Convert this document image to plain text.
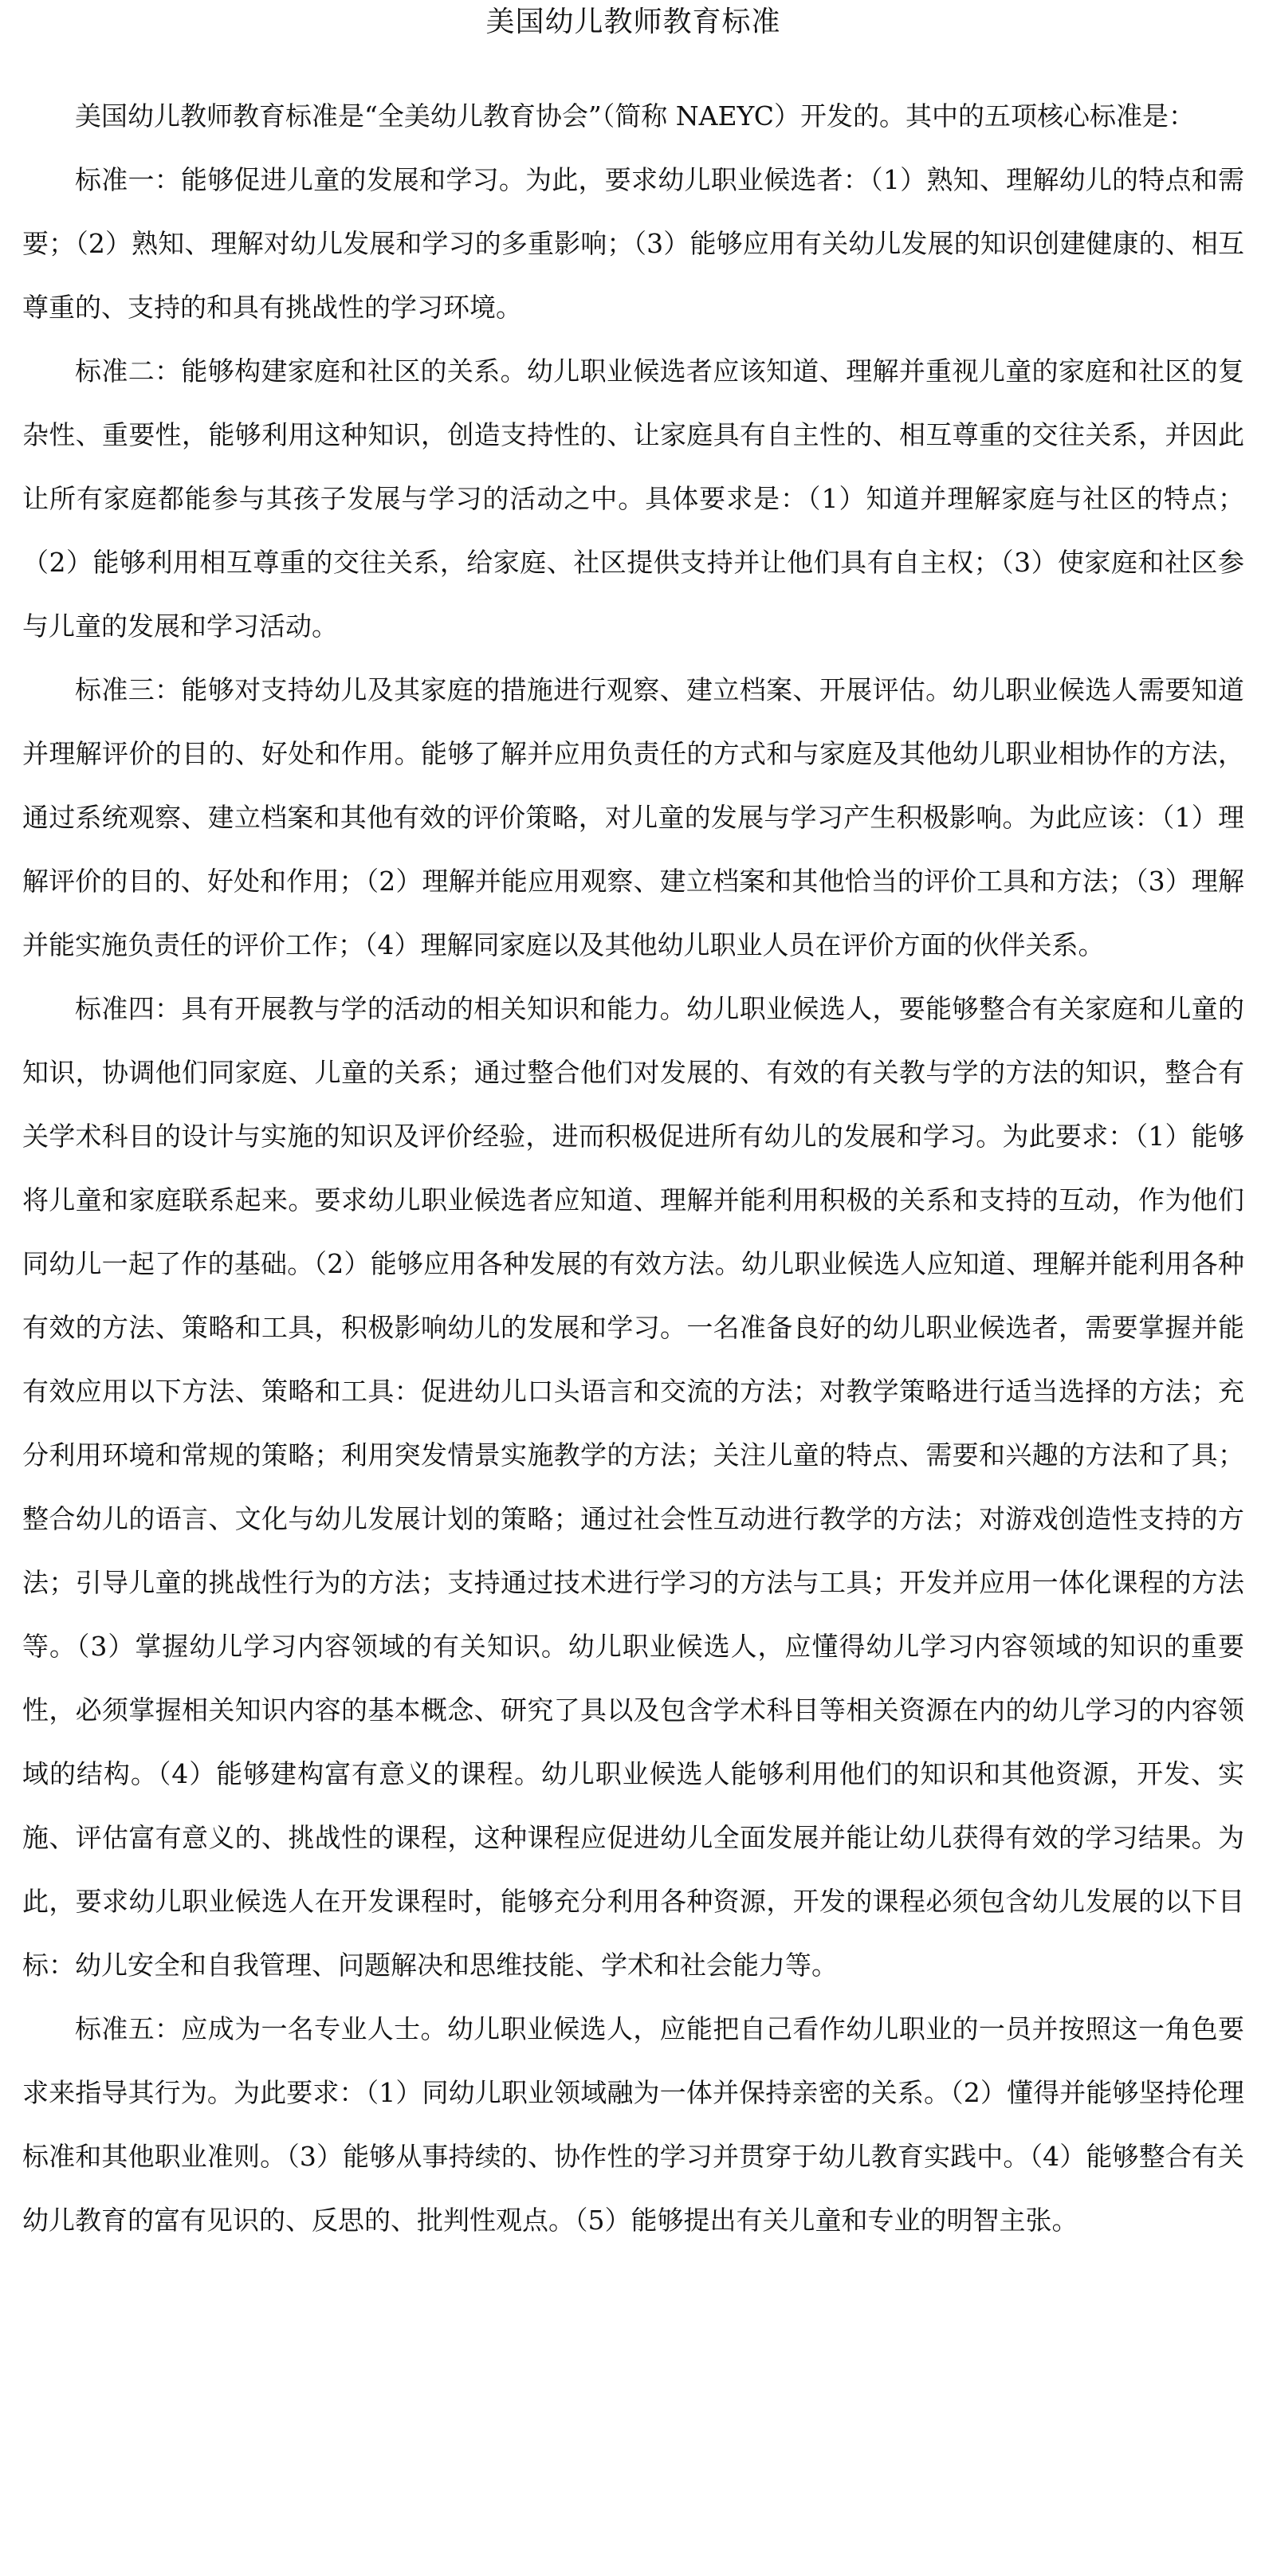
美国幼儿教师教育标准

美国幼儿教师教育标准是“全美幼儿教育协会”（简称 NAEYC）开发的。其中的五项核心标准是：

标准一：能够促进儿童的发展和学习。为此，要求幼儿职业候选者：（1）熟知、理解幼儿的特点和需要；（2）熟知、理解对幼儿发展和学习的多重影响；（3）能够应用有关幼儿发展的知识创建健康的、相互尊重的、支持的和具有挑战性的学习环境。

标准二：能够构建家庭和社区的关系。幼儿职业候选者应该知道、理解并重视儿童的家庭和社区的复杂性、重要性，能够利用这种知识，创造支持性的、让家庭具有自主性的、相互尊重的交往关系，并因此让所有家庭都能参与其孩子发展与学习的活动之中。具体要求是：（1）知道并理解家庭与社区的特点；（2）能够利用相互尊重的交往关系，给家庭、社区提供支持并让他们具有自主权；（3）使家庭和社区参与儿童的发展和学习活动。

标准三：能够对支持幼儿及其家庭的措施进行观察、建立档案、开展评估。幼儿职业候选人需要知道并理解评价的目的、好处和作用。能够了解并应用负责任的方式和与家庭及其他幼儿职业相协作的方法，通过系统观察、建立档案和其他有效的评价策略，对儿童的发展与学习产生积极影响。为此应该：（1）理解评价的目的、好处和作用；（2）理解并能应用观察、建立档案和其他恰当的评价工具和方法；（3）理解并能实施负责任的评价工作；（4）理解同家庭以及其他幼儿职业人员在评价方面的伙伴关系。

标准四：具有开展教与学的活动的相关知识和能力。幼儿职业候选人，要能够整合有关家庭和儿童的知识，协调他们同家庭、儿童的关系；通过整合他们对发展的、有效的有关教与学的方法的知识，整合有关学术科目的设计与实施的知识及评价经验，进而积极促进所有幼儿的发展和学习。为此要求：（1）能够将儿童和家庭联系起来。要求幼儿职业候选者应知道、理解并能利用积极的关系和支持的互动，作为他们同幼儿一起了作的基础。（2）能够应用各种发展的有效方法。幼儿职业候选人应知道、理解并能利用各种有效的方法、策略和工具，积极影响幼儿的发展和学习。一名准备良好的幼儿职业候选者，需要掌握并能有效应用以下方法、策略和工具：促进幼儿口头语言和交流的方法；对教学策略进行适当选择的方法；充分利用环境和常规的策略；利用突发情景实施教学的方法；关注儿童的特点、需要和兴趣的方法和了具；整合幼儿的语言、文化与幼儿发展计划的策略；通过社会性互动进行教学的方法；对游戏创造性支持的方法；引导儿童的挑战性行为的方法；支持通过技术进行学习的方法与工具；开发并应用一体化课程的方法等。（3）掌握幼儿学习内容领域的有关知识。幼儿职业候选人，应懂得幼儿学习内容领域的知识的重要性，必须掌握相关知识内容的基本概念、研究了具以及包含学术科目等相关资源在内的幼儿学习的内容领域的结构。（4）能够建构富有意义的课程。幼儿职业候选人能够利用他们的知识和其他资源，开发、实施、评估富有意义的、挑战性的课程，这种课程应促进幼儿全面发展并能让幼儿获得有效的学习结果。为此，要求幼儿职业候选人在开发课程时，能够充分利用各种资源，开发的课程必须包含幼儿发展的以下目标：幼儿安全和自我管理、问题解决和思维技能、学术和社会能力等。

标准五：应成为一名专业人士。幼儿职业候选人，应能把自己看作幼儿职业的一员并按照这一角色要求来指导其行为。为此要求：（1）同幼儿职业领域融为一体并保持亲密的关系。（2）懂得并能够坚持伦理标准和其他职业准则。（3）能够从事持续的、协作性的学习并贯穿于幼儿教育实践中。（4）能够整合有关幼儿教育的富有见识的、反思的、批判性观点。（5）能够提出有关儿童和专业的明智主张。
